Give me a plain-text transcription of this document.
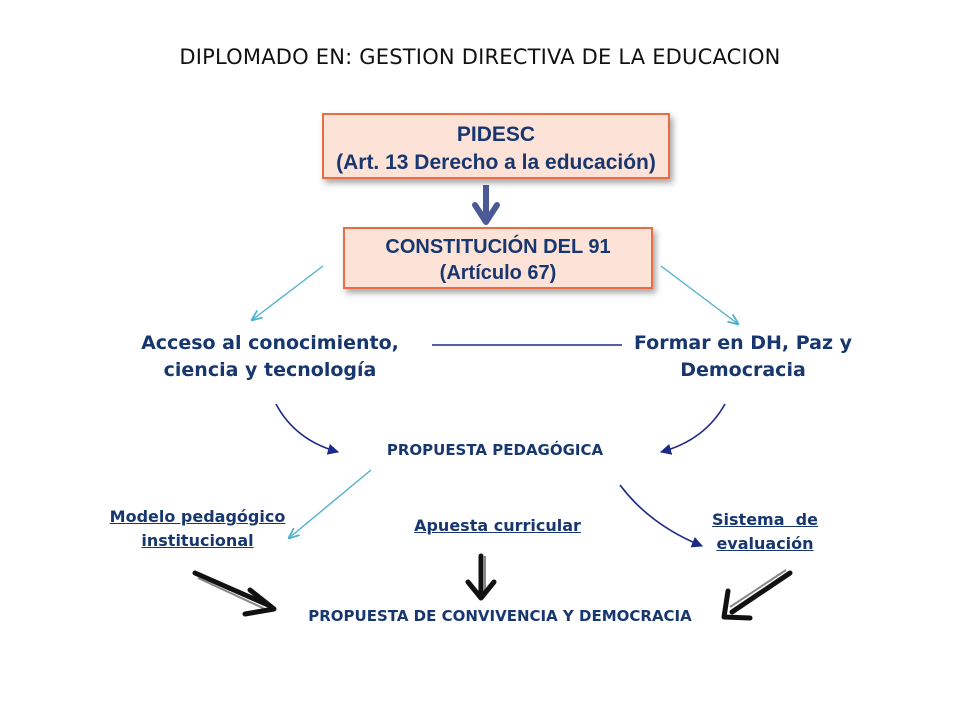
DIPLOMADO EN: GESTION DIRECTIVA DE LA EDUCACION
PIDESC
(Art. 13 Derecho a la educación)
CONSTITUCIÓN DEL 91
(Artículo 67)
Acceso al conocimiento,
ciencia y tecnología
Formar en DH, Paz y
Democracia
PROPUESTA PEDAGÓGICA
Modelo pedagógico
institucional
Apuesta curricular	Sistema  de
evaluación
PROPUESTA DE CONVIVENCIA Y DEMOCRACIA
